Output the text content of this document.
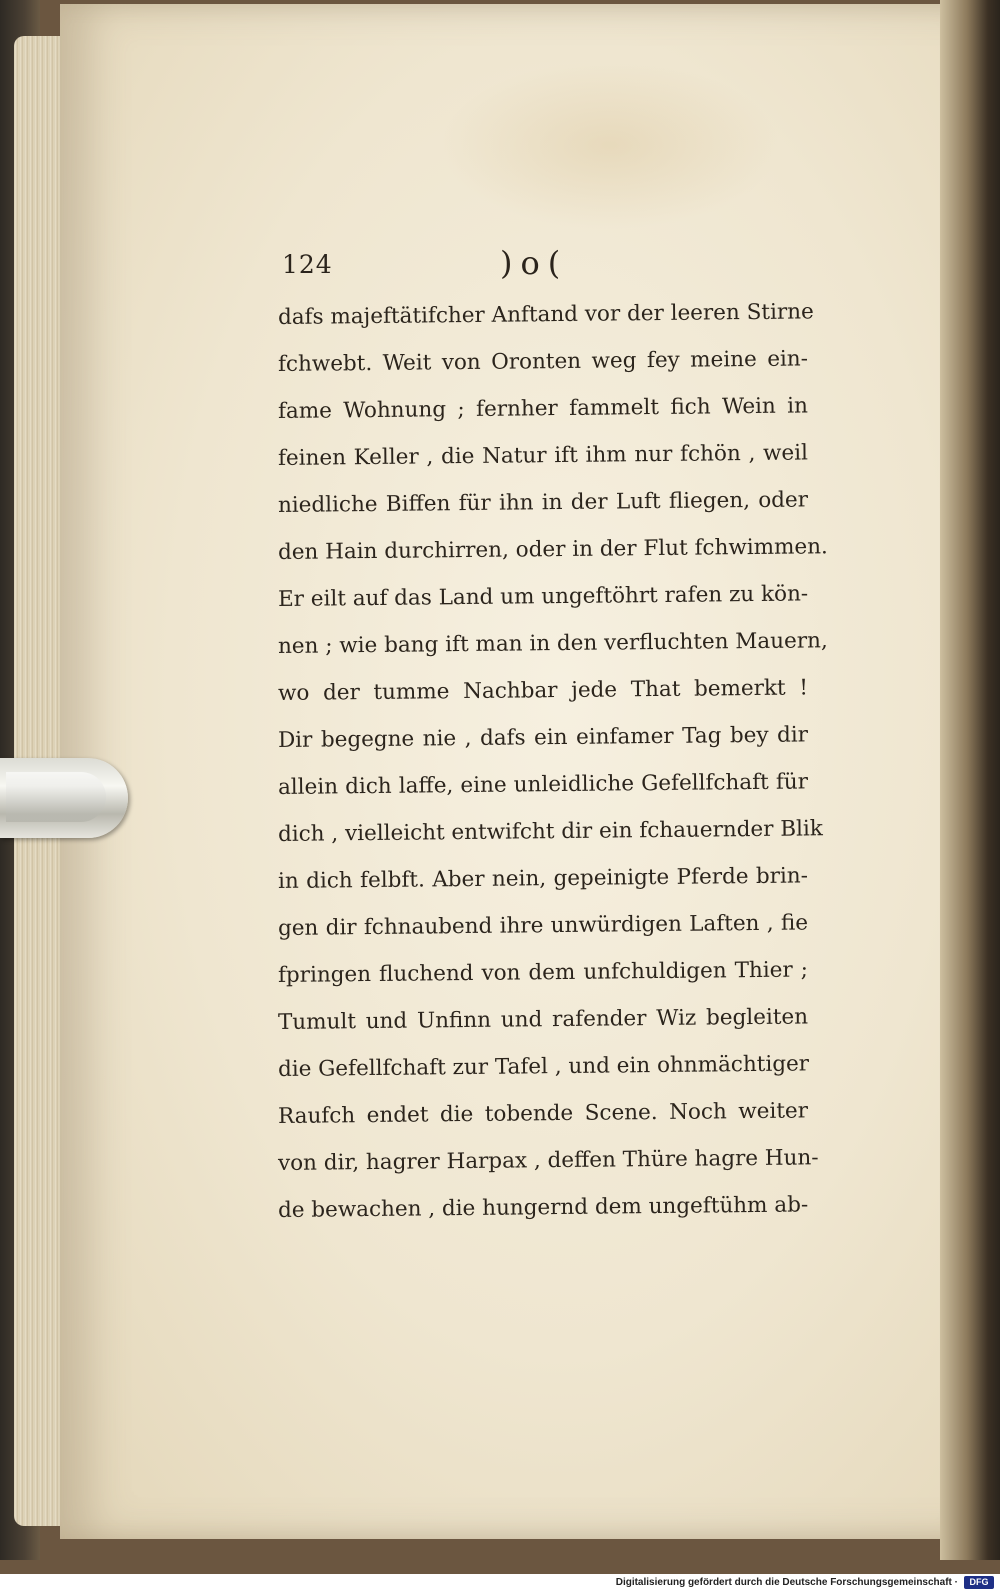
124	)o(
dafs majeftätifcher Anftand vor der leeren Stirne
fchwebt. Weit von Oronten weg fey meine ein-
fame Wohnung ; fernher fammelt fich Wein in
feinen Keller , die Natur ift ihm nur fchön , weil
niedliche Biffen für ihn in der Luft fliegen, oder
den Hain durchirren, oder in der Flut fchwimmen.
Er eilt auf das Land um ungeftöhrt rafen zu kön-
nen ; wie bang ift man in den verfluchten Mauern,
wo der tumme Nachbar jede That bemerkt !
Dir begegne nie , dafs ein einfamer Tag bey dir
allein dich laffe, eine unleidliche Gefellfchaft für
dich , vielleicht entwifcht dir ein fchauernder Blik
in dich felbft. Aber nein, gepeinigte Pferde brin-
gen dir fchnaubend ihre unwürdigen Laften , fie
fpringen fluchend von dem unfchuldigen Thier ;
Tumult und Unfinn und rafender Wiz begleiten
die Gefellfchaft zur Tafel , und ein ohnmächtiger
Raufch endet die tobende Scene. Noch weiter
von dir, hagrer Harpax , deffen Thüre hagre Hun-
de bewachen , die hungernd dem ungeftühm ab-
Digitalisierung gefördert durch die Deutsche Forschungsgemeinschaft ·	DFG
